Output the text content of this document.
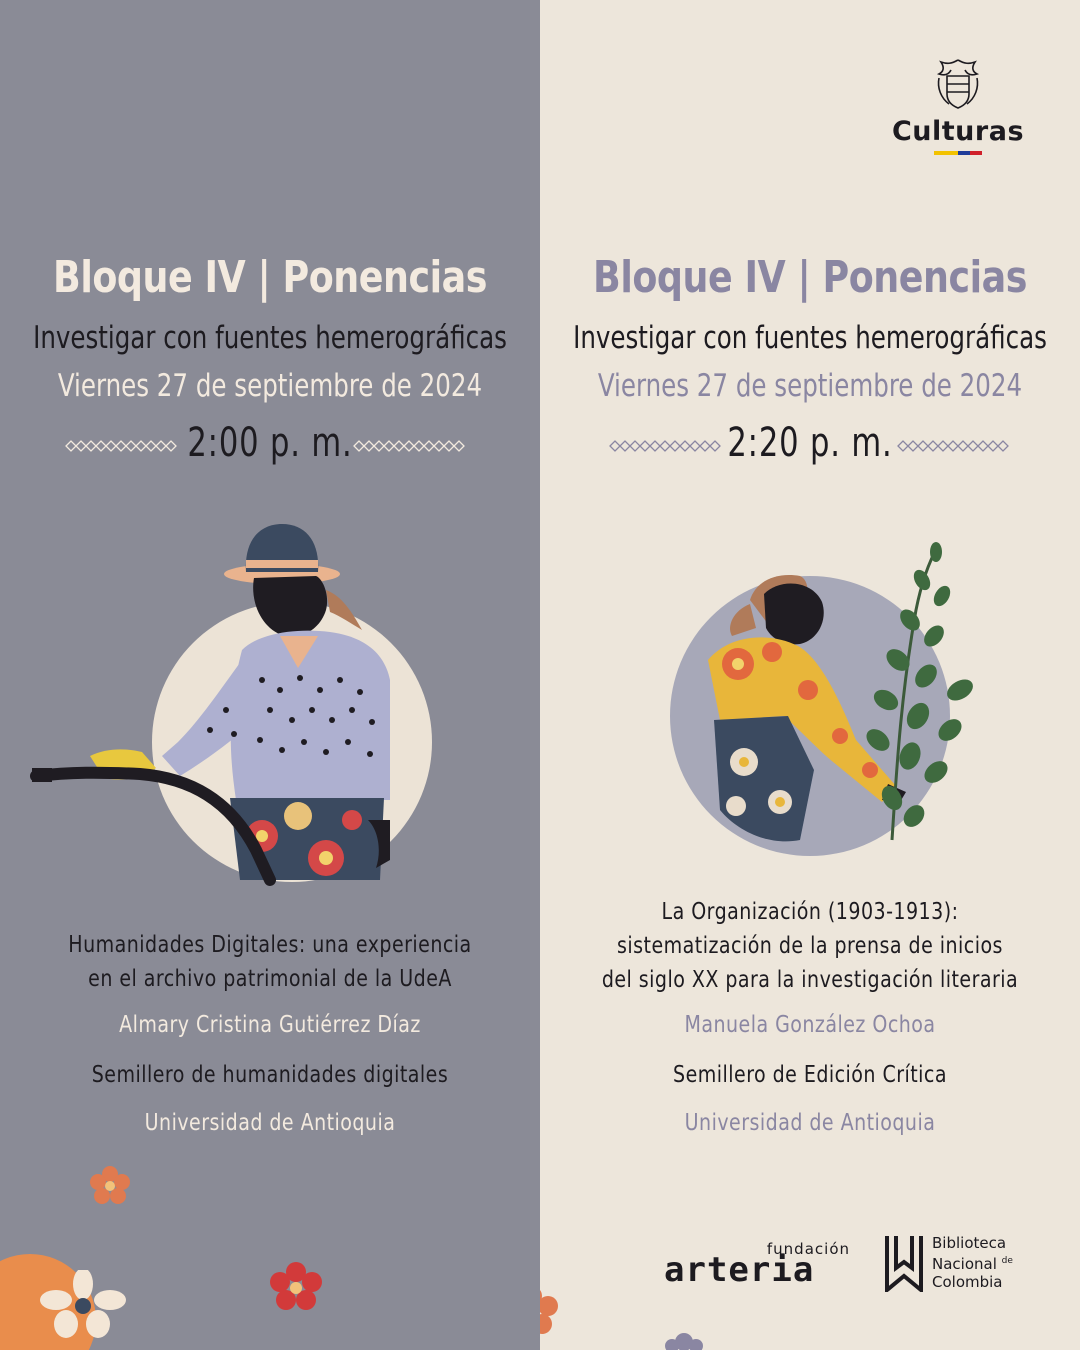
Bloque IV | Ponencias
Investigar con fuentes hemerográficas
Viernes 27 de septiembre de 2024
2:00 p. m.
Humanidades Digitales: una experiencia
en el archivo patrimonial de la UdeA
Almary Cristina Gutiérrez Díaz
Semillero de humanidades digitales
Universidad de Antioquia
Bloque IV | Ponencias
Investigar con fuentes hemerográficas
Viernes 27 de septiembre de 2024
2:20 p. m.
La Organización (1903-1913):
sistematización de la prensa de inicios
del siglo XX para la investigación literaria
Manuela González Ochoa
Semillero de Edición Crítica
Universidad de Antioquia
Culturas
fundación
arteria
Biblioteca
Nacional $^{de}$
Colombia
